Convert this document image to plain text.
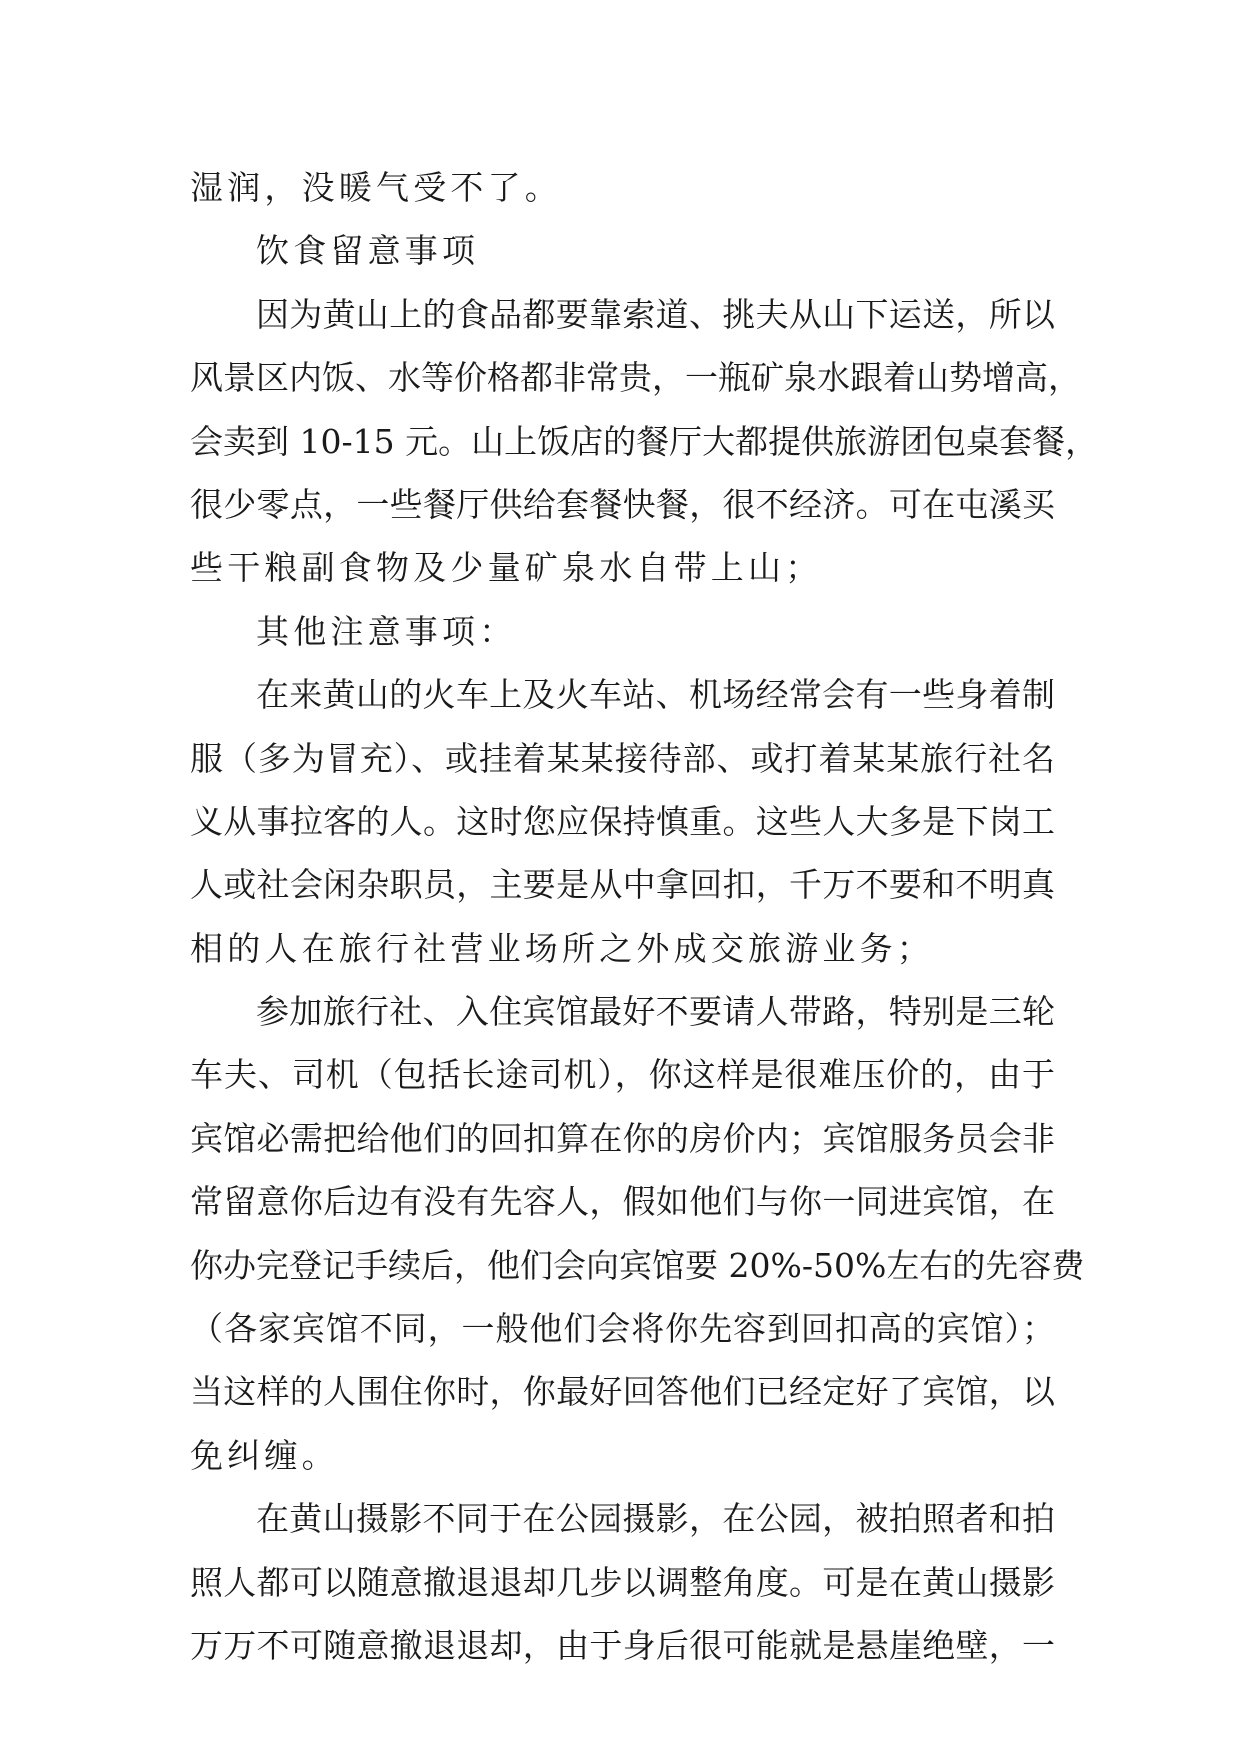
湿润，没暖气受不了。
饮食留意事项
因为黄山上的食品都要靠索道、挑夫从山下运送，所以
风景区内饭、水等价格都非常贵，一瓶矿泉水跟着山势增高，
会卖到 10-15 元。山上饭店的餐厅大都提供旅游团包桌套餐，
很少零点，一些餐厅供给套餐快餐，很不经济。可在屯溪买
些干粮副食物及少量矿泉水自带上山；
其他注意事项：
在来黄山的火车上及火车站、机场经常会有一些身着制
服（多为冒充）、或挂着某某接待部、或打着某某旅行社名
义从事拉客的人。这时您应保持慎重。这些人大多是下岗工
人或社会闲杂职员，主要是从中拿回扣，千万不要和不明真
相的人在旅行社营业场所之外成交旅游业务；
参加旅行社、入住宾馆最好不要请人带路，特别是三轮
车夫、司机（包括长途司机），你这样是很难压价的，由于
宾馆必需把给他们的回扣算在你的房价内；宾馆服务员会非
常留意你后边有没有先容人，假如他们与你一同进宾馆，在
你办完登记手续后，他们会向宾馆要 20%-50%左右的先容费
（各家宾馆不同，一般他们会将你先容到回扣高的宾馆）；
当这样的人围住你时，你最好回答他们已经定好了宾馆，以
免纠缠。
在黄山摄影不同于在公园摄影，在公园，被拍照者和拍
照人都可以随意撤退退却几步以调整角度。可是在黄山摄影
万万不可随意撤退退却，由于身后很可能就是悬崖绝壁，一
